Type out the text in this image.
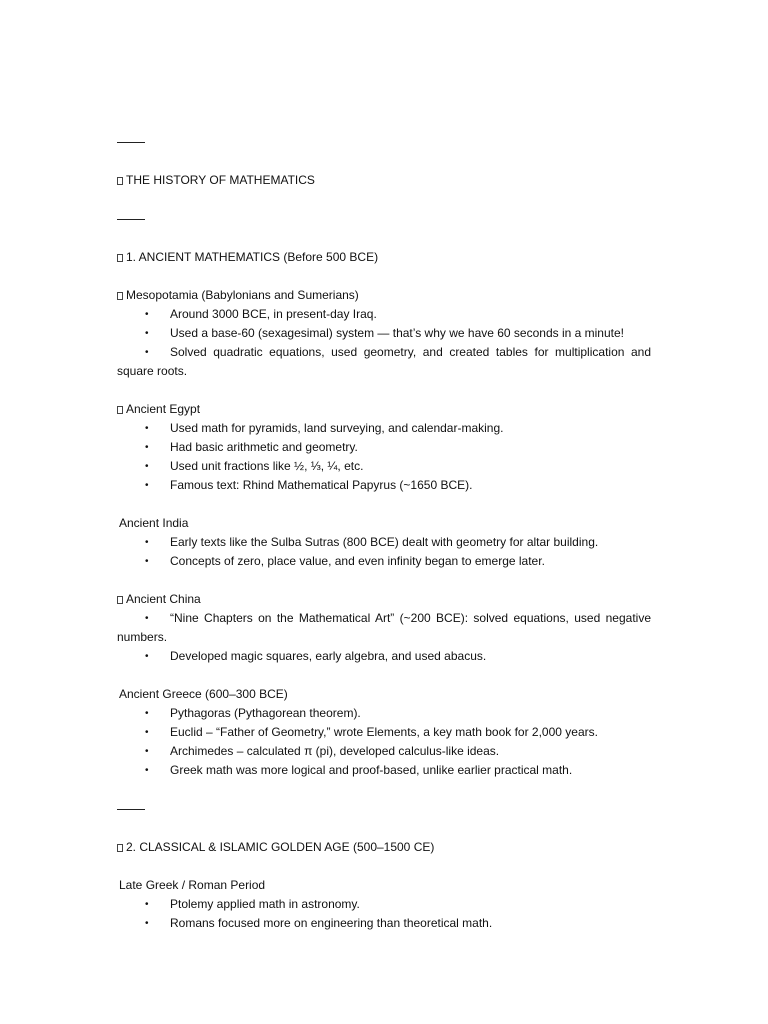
THE HISTORY OF MATHEMATICS
1. ANCIENT MATHEMATICS (Before 500 BCE)
Mesopotamia (Babylonians and Sumerians)
• Around 3000 BCE, in present-day Iraq.
• Used a base-60 (sexagesimal) system — that’s why we have 60 seconds in a minute!
• Solved quadratic equations, used geometry, and created tables for multiplication and square roots.
Ancient Egypt
• Used math for pyramids, land surveying, and calendar-making.
• Had basic arithmetic and geometry.
• Used unit fractions like ½, ⅓, ¼, etc.
• Famous text: Rhind Mathematical Papyrus (~1650 BCE).
Ancient India
• Early texts like the Sulba Sutras (800 BCE) dealt with geometry for altar building.
• Concepts of zero, place value, and even infinity began to emerge later.
Ancient China
• “Nine Chapters on the Mathematical Art” (~200 BCE): solved equations, used negative numbers.
• Developed magic squares, early algebra, and used abacus.
Ancient Greece (600–300 BCE)
• Pythagoras (Pythagorean theorem).
• Euclid – “Father of Geometry,” wrote Elements, a key math book for 2,000 years.
• Archimedes – calculated π (pi), developed calculus-like ideas.
• Greek math was more logical and proof-based, unlike earlier practical math.
2. CLASSICAL & ISLAMIC GOLDEN AGE (500–1500 CE)
Late Greek / Roman Period
• Ptolemy applied math in astronomy.
• Romans focused more on engineering than theoretical math.
